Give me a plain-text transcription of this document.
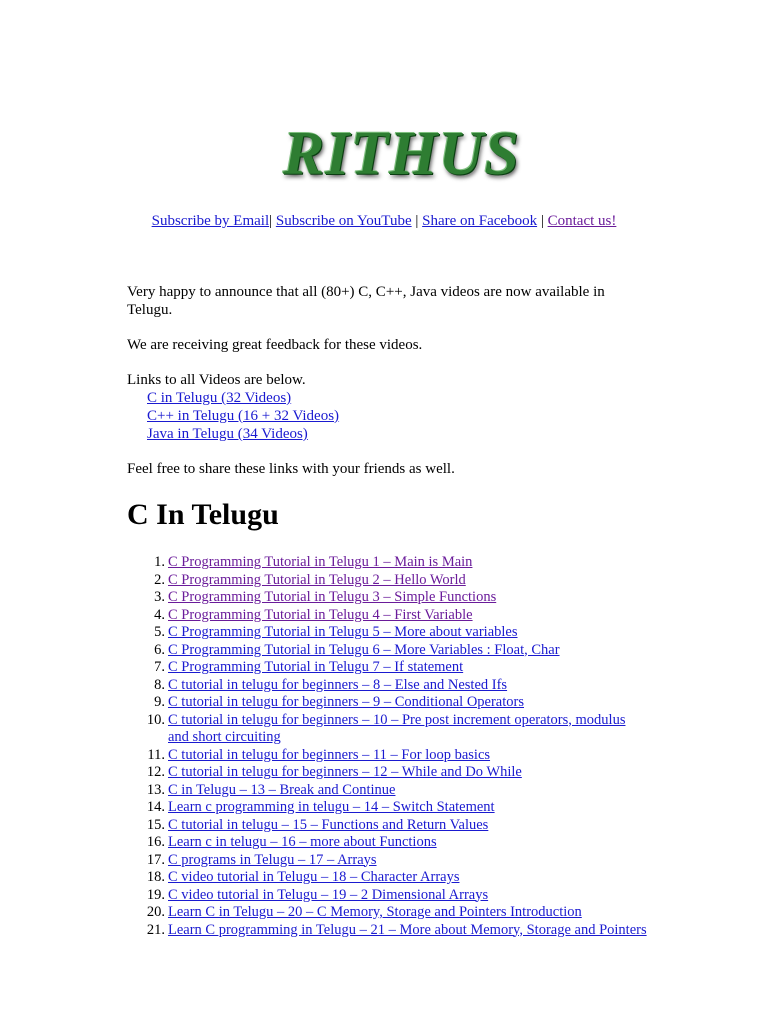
RITHUS
Subscribe by Email| Subscribe on YouTube | Share on Facebook | Contact us!

Very happy to announce that all (80+) C, C++, Java videos are now available in Telugu.

We are receiving great feedback for these videos.

Links to all Videos are below.
C in Telugu (32 Videos)
C++ in Telugu (16 + 32 Videos)
Java in Telugu (34 Videos)

Feel free to share these links with your friends as well.

C In Telugu
1. C Programming Tutorial in Telugu 1 – Main is Main
2. C Programming Tutorial in Telugu 2 – Hello World
3. C Programming Tutorial in Telugu 3 – Simple Functions
4. C Programming Tutorial in Telugu 4 – First Variable
5. C Programming Tutorial in Telugu 5 – More about variables
6. C Programming Tutorial in Telugu 6 – More Variables : Float, Char
7. C Programming Tutorial in Telugu 7 – If statement
8. C tutorial in telugu for beginners – 8 – Else and Nested Ifs
9. C tutorial in telugu for beginners – 9 – Conditional Operators
10. C tutorial in telugu for beginners – 10 – Pre post increment operators, modulus and short circuiting
11. C tutorial in telugu for beginners – 11 – For loop basics
12. C tutorial in telugu for beginners – 12 – While and Do While
13. C in Telugu – 13 – Break and Continue
14. Learn c programming in telugu – 14 – Switch Statement
15. C tutorial in telugu – 15 – Functions and Return Values
16. Learn c in telugu – 16 – more about Functions
17. C programs in Telugu – 17 – Arrays
18. C video tutorial in Telugu – 18 – Character Arrays
19. C video tutorial in Telugu – 19 – 2 Dimensional Arrays
20. Learn C in Telugu – 20 – C Memory, Storage and Pointers Introduction
21. Learn C programming in Telugu – 21 – More about Memory, Storage and Pointers
